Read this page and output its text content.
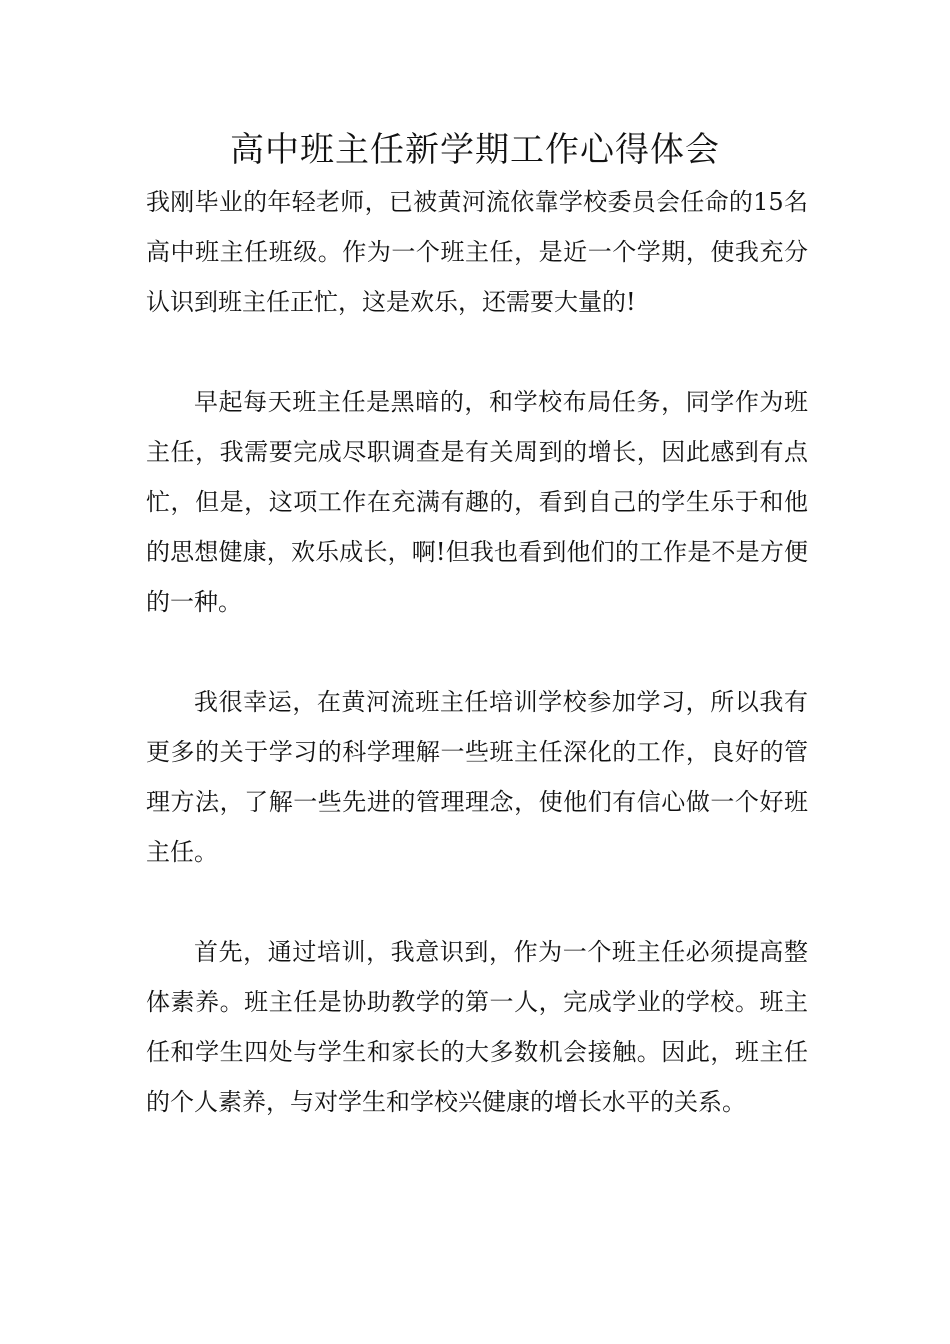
高中班主任新学期工作心得体会

我刚毕业的年轻老师，已被黄河流依靠学校委员会任命的15名高中班主任班级。作为一个班主任，是近一个学期，使我充分认识到班主任正忙，这是欢乐，还需要大量的!

早起每天班主任是黑暗的，和学校布局任务，同学作为班主任，我需要完成尽职调查是有关周到的增长，因此感到有点忙，但是，这项工作在充满有趣的，看到自己的学生乐于和他的思想健康，欢乐成长，啊!但我也看到他们的工作是不是方便的一种。

我很幸运，在黄河流班主任培训学校参加学习，所以我有更多的关于学习的科学理解一些班主任深化的工作，良好的管理方法，了解一些先进的管理理念，使他们有信心做一个好班主任。

首先，通过培训，我意识到，作为一个班主任必须提高整体素养。班主任是协助教学的第一人，完成学业的学校。班主任和学生四处与学生和家长的大多数机会接触。因此，班主任的个人素养，与对学生和学校兴健康的增长水平的关系。
